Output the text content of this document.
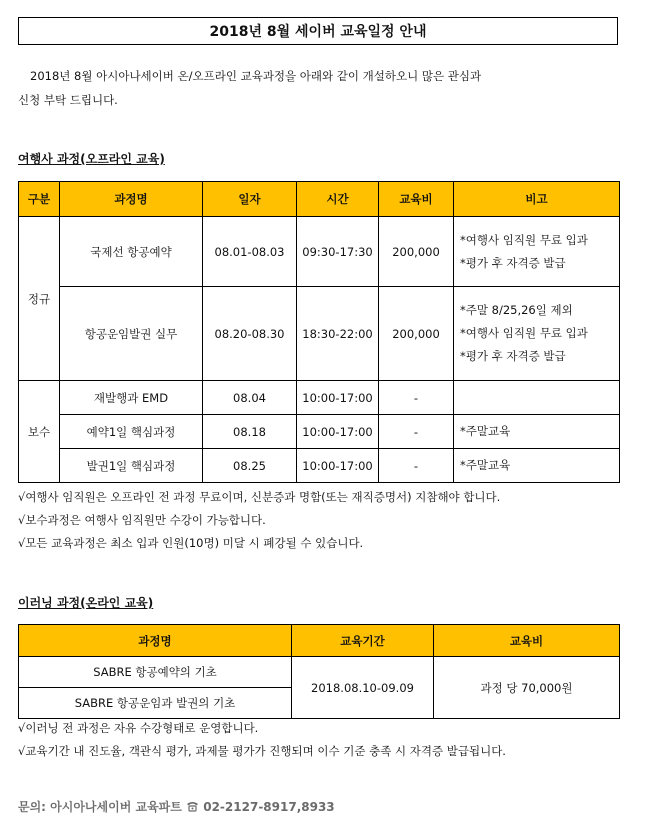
2018년 8월 세이버 교육일정 안내
2018년 8월 아시아나세이버 온/오프라인 교육과정을 아래와 같이 개설하오니 많은 관심과
신청 부탁 드립니다.
여행사 과정(오프라인 교육)
구분	과정명	일자	시간	교육비	비고
정규	국제선 항공예약	08.01-08.03	09:30-17:30	200,000	*여행사 임직원 무료 입과
*평가 후 자격증 발급

	항공운임발권 실무	08.20-08.30	18:30-22:00	200,000	*주말 8/25,26일 제외
*여행사 임직원 무료 입과
*평가 후 자격증 발급

보수	재발행과 EMD	08.04	10:00-17:00	-	
	예약1일 핵심과정	08.18	10:00-17:00	-	*주말교육
	발권1일 핵심과정	08.25	10:00-17:00	-	*주말교육
√여행사 임직원은 오프라인 전 과정 무료이며, 신분증과 명함(또는 재직증명서) 지참해야 합니다.
√보수과정은 여행사 임직원만 수강이 가능합니다.
√모든 교육과정은 최소 입과 인원(10명) 미달 시 폐강될 수 있습니다.
이러닝 과정(온라인 교육)
과정명	교육기간	교육비
SABRE 항공예약의 기초	2018.08.10-09.09	과정 당 70,000원
SABRE 항공운임과 발권의 기초		
√이러닝 전 과정은 자유 수강형태로 운영합니다.
√교육기간 내 진도율, 객관식 평가, 과제물 평가가 진행되며 이수 기준 충족 시 자격증 발급됩니다.
문의: 아시아나세이버 교육파트 02-2127-8917,8933
